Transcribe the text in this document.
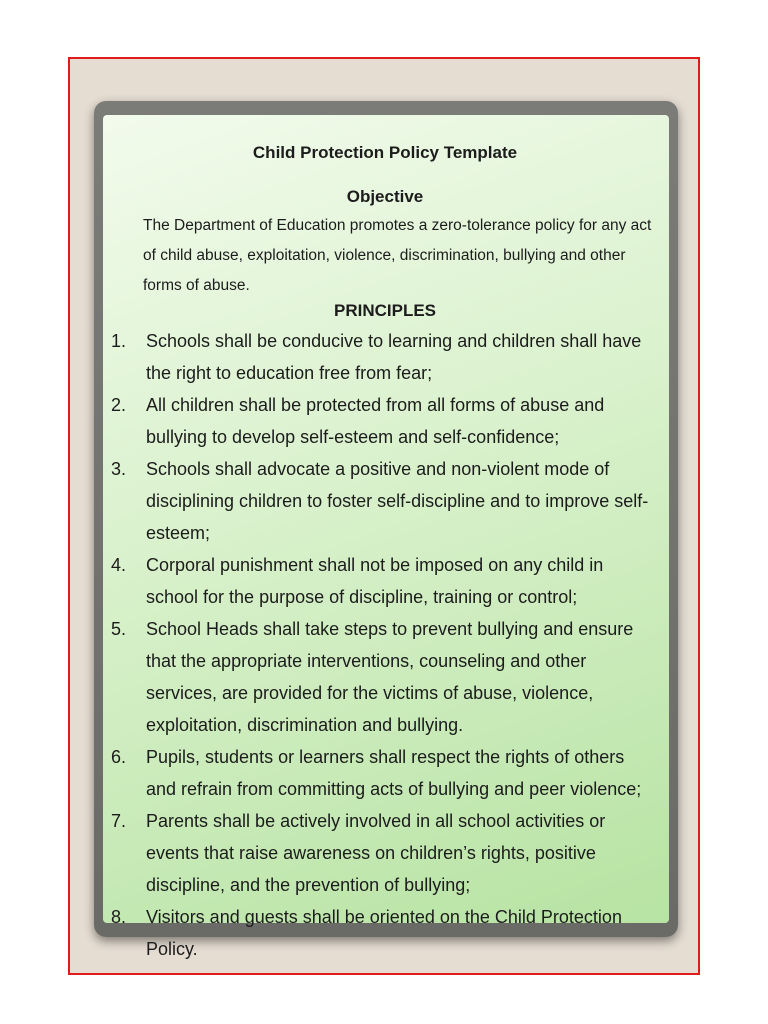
Child Protection Policy Template
Objective
The Department of Education promotes a zero-tolerance policy for any act of child abuse, exploitation, violence, discrimination, bullying and other forms of abuse.
PRINCIPLES
1.	Schools shall be conducive to learning and children shall have the right to education free from fear;
2.	All children shall be protected from all forms of abuse and bullying to develop self-esteem and self-confidence;
3.	Schools shall advocate a positive and non-violent mode of disciplining children to foster self-discipline and to improve self-esteem;
4.	Corporal punishment shall not be imposed on any child in school for the purpose of discipline, training or control;
5.	School Heads shall take steps to prevent bullying and ensure that the appropriate interventions, counseling and other services, are provided for the victims of abuse, violence, exploitation, discrimination and bullying.
6.	Pupils, students or learners shall respect the rights of others and refrain from committing acts of bullying and peer violence;
7.	Parents shall be actively involved in all school activities or events that raise awareness on children’s rights, positive discipline, and the prevention of bullying;
8.	Visitors and guests shall be oriented on the Child Protection Policy.
